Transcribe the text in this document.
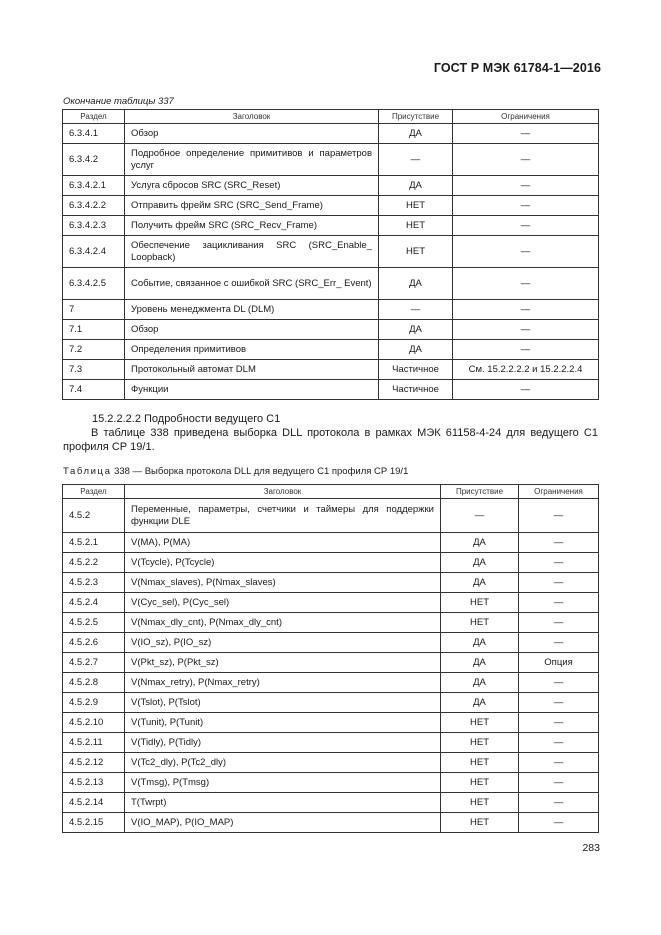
ГОСТ Р МЭК 61784-1—2016
Окончание таблицы 337
Раздел	Заголовок	Присутствие	Ограничения
6.3.4.1	Обзор	ДА	—
6.3.4.2	Подробное определение примитивов и параметров услуг	—	—
6.3.4.2.1	Услуга сбросов SRC (SRC_Reset)	ДА	—
6.3.4.2.2	Отправить фрейм SRC (SRC_Send_Frame)	НЕТ	—
6.3.4.2.3	Получить фрейм SRC (SRC_Recv_Frame)	НЕТ	—
6.3.4.2.4	Обеспечение зацикливания SRC (SRC_Enable_ Loopback)	НЕТ	—
6.3.4.2.5	Событие, связанное с ошибкой SRC (SRC_Err_ Event)	ДА	—
7	Уровень менеджмента DL (DLM)	—	—
7.1	Обзор	ДА	—
7.2	Определения примитивов	ДА	—
7.3	Протокольный автомат DLM	Частичное	См. 15.2.2.2.2 и 15.2.2.2.4
7.4	Функции	Частичное	—
15.2.2.2.2 Подробности ведущего С1
В таблице 338 приведена выборка DLL протокола в рамках МЭК 61158-4-24 для ведущего С1 профиля СР 19/1.
Таблица 338 — Выборка протокола DLL для ведущего С1 профиля СР 19/1
Раздел	Заголовок	Присутствие	Ограничения
4.5.2	Переменные, параметры, счетчики и таймеры для поддержки функции DLE	—	—
4.5.2.1	V(MA), P(MA)	ДА	—
4.5.2.2	V(Tcycle), P(Tcycle)	ДА	—
4.5.2.3	V(Nmax_slaves), P(Nmax_slaves)	ДА	—
4.5.2.4	V(Cyc_sel), P(Cyc_sel)	НЕТ	—
4.5.2.5	V(Nmax_dly_cnt), P(Nmax_dly_cnt)	НЕТ	—
4.5.2.6	V(IO_sz), P(IO_sz)	ДА	—
4.5.2.7	V(Pkt_sz), P(Pkt_sz)	ДА	Опция
4.5.2.8	V(Nmax_retry), P(Nmax_retry)	ДА	—
4.5.2.9	V(Tslot), P(Tslot)	ДА	—
4.5.2.10	V(Tunit), P(Tunit)	НЕТ	—
4.5.2.11	V(Tidly), P(Tidly)	НЕТ	—
4.5.2.12	V(Tc2_dly), P(Tc2_dly)	НЕТ	—
4.5.2.13	V(Tmsg), P(Tmsg)	НЕТ	—
4.5.2.14	T(Twrpt)	НЕТ	—
4.5.2.15	V(IO_MAP), P(IO_MAP)	НЕТ	—
283
